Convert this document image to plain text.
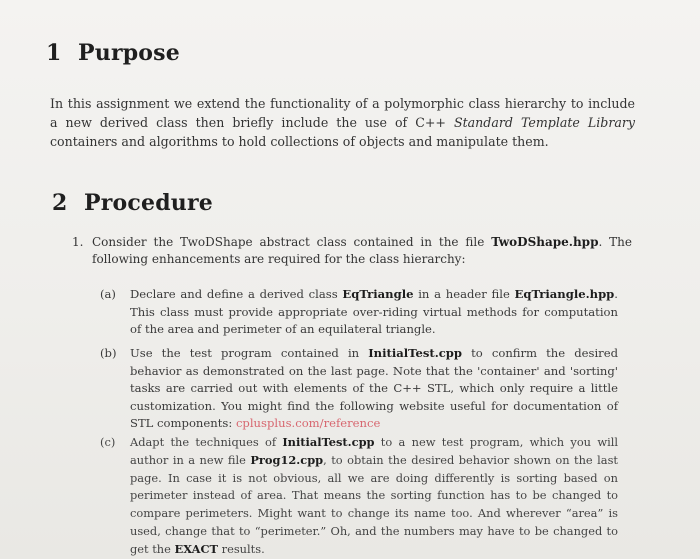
1 Purpose
In this assignment we extend the functionality of a polymorphic class hierarchy to include a new derived class then briefly include the use of C++ Standard Template Library containers and algorithms to hold collections of objects and manipulate them.
2 Procedure
1. Consider the TwoDShape abstract class contained in the file TwoDShape.hpp. The following enhancements are required for the class hierarchy:
(a) Declare and define a derived class EqTriangle in a header file EqTriangle.hpp. This class must provide appropriate over-riding virtual methods for computation of the area and perimeter of an equilateral triangle.
(b) Use the test program contained in InitialTest.cpp to confirm the desired behavior as demonstrated on the last page. Note that the 'container' and 'sorting' tasks are carried out with elements of the C++ STL, which only require a little customization. You might find the following website useful for documentation of STL components: cplusplus.com/reference
(c) Adapt the techniques of InitialTest.cpp to a new test program, which you will author in a new file Prog12.cpp, to obtain the desired behavior shown on the last page. In case it is not obvious, all we are doing differently is sorting based on perimeter instead of area. That means the sorting function has to be changed to compare perimeters. Might want to change its name too. And wherever “area” is used, change that to “perimeter.” Oh, and the numbers may have to be changed to get the EXACT results.
